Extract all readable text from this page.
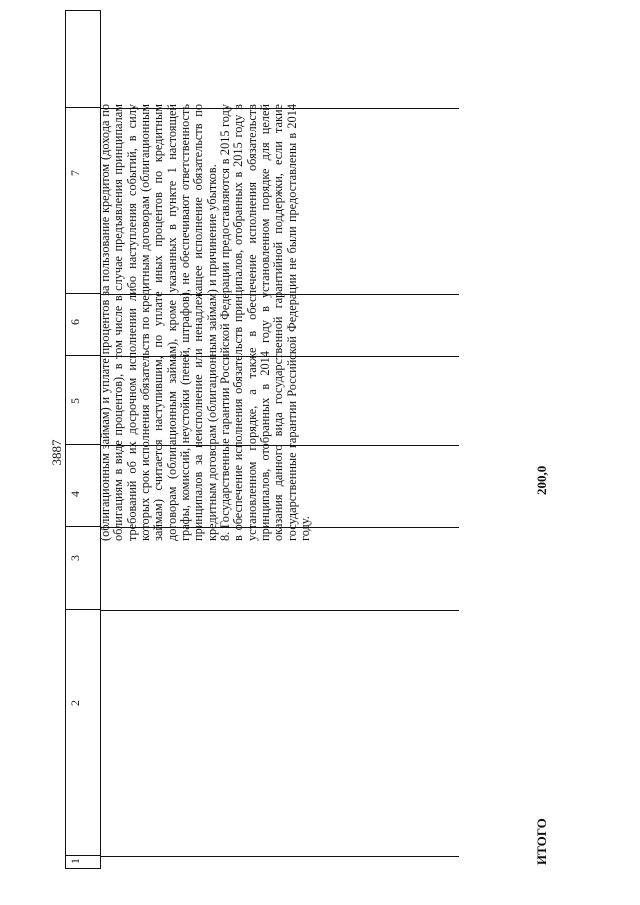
3887
1
2
3
4
5
6
7 (облигационным займам) и уплате процентов за пользование кредитом (дохода по облигациям в виде процентов), в том числе в случае предъявления принципалам требований об их досрочном исполнении либо наступления событий, в силу которых срок исполнения обязательств по кредитным договорам (облигационным займам) считается наступившим, по уплате иных процентов по кредитным договорам (облигационным займам), кроме указанных в пункте 1 настоящей графы, комиссий, неустойки (пеней, штрафов), не обеспечивают ответственность принципалов за неисполнение или ненадлежащее исполнение обязательств по кредитным договорам (облигационным займам) и причинение убытков. 8. Государственные гарантии Российской Федерации предоставляются в 2015 году в обеспечение исполнения обязательств принципалов, отобранных в 2015 году в установленном порядке, а также в обеспечение исполнения обязательств принципалов, отобранных в 2014 году в установленном порядке для целей оказания данного вида государственной гарантийной поддержки, если такие государственные гарантии Российской Федерации не были предоставлены в 2014 году.

ИТОГО
200,0
